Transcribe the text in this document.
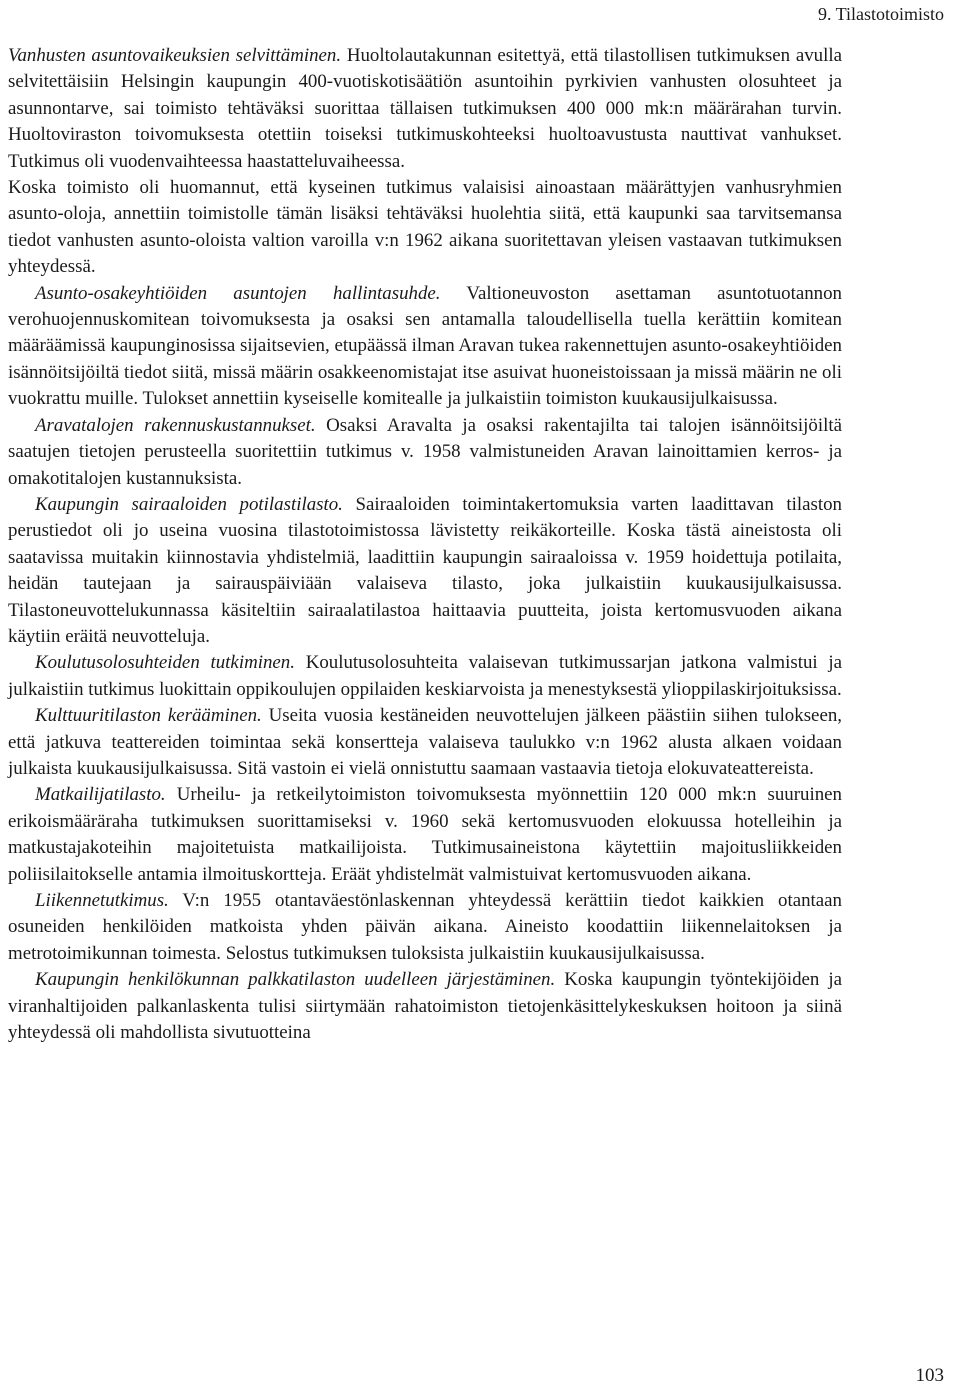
9. Tilastotoimisto

Vanhusten asuntovaikeuksien selvittäminen. Huoltolautakunnan esitettyä, että tilastollisen tutkimuksen avulla selvitettäisiin Helsingin kaupungin 400-vuotiskotisäätiön asuntoihin pyrkivien vanhusten olosuhteet ja asunnontarve, sai toimisto tehtäväksi suorittaa tällaisen tutkimuksen 400 000 mk:n määrärahan turvin. Huoltoviraston toivomuksesta otettiin toiseksi tutkimuskohteeksi huoltoavustusta nauttivat vanhukset. Tutkimus oli vuodenvaihteessa haastatteluvaiheessa.

Koska toimisto oli huomannut, että kyseinen tutkimus valaisisi ainoastaan määrättyjen vanhusryhmien asunto-oloja, annettiin toimistolle tämän lisäksi tehtäväksi huolehtia siitä, että kaupunki saa tarvitsemansa tiedot vanhusten asunto-oloista valtion varoilla v:n 1962 aikana suoritettavan yleisen vastaavan tutkimuksen yhteydessä.

Asunto-osakeyhtiöiden asuntojen hallintasuhde. Valtioneuvoston asettaman asuntotuotannon verohuojennuskomitean toivomuksesta ja osaksi sen antamalla taloudellisella tuella kerättiin komitean määräämissä kaupunginosissa sijaitsevien, etupäässä ilman Aravan tukea rakennettujen asunto-osakeyhtiöiden isännöitsijöiltä tiedot siitä, missä määrin osakkeenomistajat itse asuivat huoneistoissaan ja missä määrin ne oli vuokrattu muille. Tulokset annettiin kyseiselle komitealle ja julkaistiin toimiston kuukausijulkaisussa.

Aravatalojen rakennuskustannukset. Osaksi Aravalta ja osaksi rakentajilta tai talojen isännöitsijöiltä saatujen tietojen perusteella suoritettiin tutkimus v. 1958 valmistuneiden Aravan lainoittamien kerros- ja omakotitalojen kustannuksista.

Kaupungin sairaaloiden potilastilasto. Sairaaloiden toimintakertomuksia varten laadittavan tilaston perustiedot oli jo useina vuosina tilastotoimistossa lävistetty reikäkorteille. Koska tästä aineistosta oli saatavissa muitakin kiinnostavia yhdistelmiä, laadittiin kaupungin sairaaloissa v. 1959 hoidettuja potilaita, heidän tautejaan ja sairauspäiviään valaiseva tilasto, joka julkaistiin kuukausijulkaisussa. Tilastoneuvottelukunnassa käsiteltiin sairaalatilastoa haittaavia puutteita, joista kertomusvuoden aikana käytiin eräitä neuvotteluja.

Koulutusolosuhteiden tutkiminen. Koulutusolosuhteita valaisevan tutkimussarjan jatkona valmistui ja julkaistiin tutkimus luokittain oppikoulujen oppilaiden keskiarvoista ja menestyksestä ylioppilaskirjoituksissa.

Kulttuuritilaston kerääminen. Useita vuosia kestäneiden neuvottelujen jälkeen päästiin siihen tulokseen, että jatkuva teattereiden toimintaa sekä konsertteja valaiseva taulukko v:n 1962 alusta alkaen voidaan julkaista kuukausijulkaisussa. Sitä vastoin ei vielä onnistuttu saamaan vastaavia tietoja elokuvateattereista.

Matkailijatilasto. Urheilu- ja retkeilytoimiston toivomuksesta myönnettiin 120 000 mk:n suuruinen erikoismääräraha tutkimuksen suorittamiseksi v. 1960 sekä kertomusvuoden elokuussa hotelleihin ja matkustajakoteihin majoitetuista matkailijoista. Tutkimusaineistona käytettiin majoitusliikkeiden poliisilaitokselle antamia ilmoituskortteja. Eräät yhdistelmät valmistuivat kertomusvuoden aikana.

Liikennetutkimus. V:n 1955 otantaväestönlaskennan yhteydessä kerättiin tiedot kaikkien otantaan osuneiden henkilöiden matkoista yhden päivän aikana. Aineisto koodattiin liikennelaitoksen ja metrotoimikunnan toimesta. Selostus tutkimuksen tuloksista julkaistiin kuukausijulkaisussa.

Kaupungin henkilökunnan palkkatilaston uudelleen järjestäminen. Koska kaupungin työntekijöiden ja viranhaltijoiden palkanlaskenta tulisi siirtymään rahatoimiston tietojenkäsittelykeskuksen hoitoon ja siinä yhteydessä oli mahdollista sivutuotteina

103
